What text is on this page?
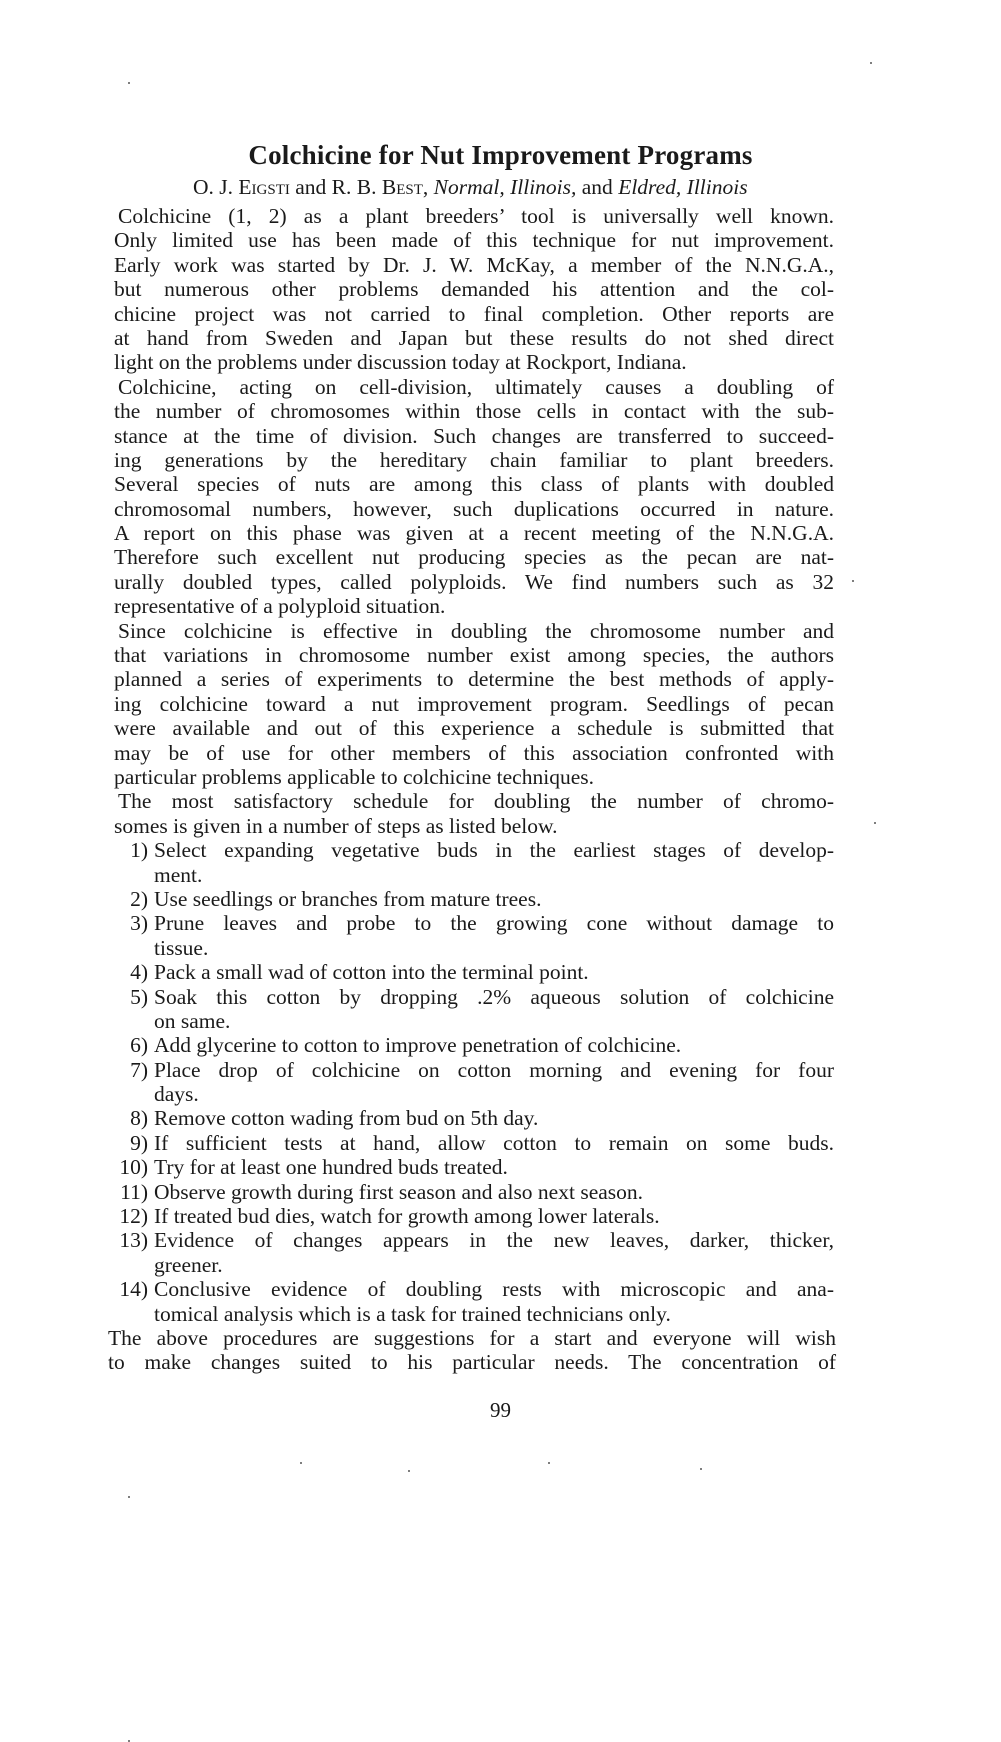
Colchicine for Nut Improvement Programs
O. J. Eigsti and R. B. Best, Normal, Illinois, and Eldred, Illinois
Colchicine (1, 2) as a plant breeders’ tool is universally well known.
Only limited use has been made of this technique for nut improvement.
Early work was started by Dr. J. W. McKay, a member of the N.N.G.A.,
but numerous other problems demanded his attention and the col-
chicine project was not carried to final completion. Other reports are
at hand from Sweden and Japan but these results do not shed direct
light on the problems under discussion today at Rockport, Indiana.
Colchicine, acting on cell-division, ultimately causes a doubling of
the number of chromosomes within those cells in contact with the sub-
stance at the time of division. Such changes are transferred to succeed-
ing generations by the hereditary chain familiar to plant breeders.
Several species of nuts are among this class of plants with doubled
chromosomal numbers, however, such duplications occurred in nature.
A report on this phase was given at a recent meeting of the N.N.G.A.
Therefore such excellent nut producing species as the pecan are nat-
urally doubled types, called polyploids. We find numbers such as 32
representative of a polyploid situation.
Since colchicine is effective in doubling the chromosome number and
that variations in chromosome number exist among species, the authors
planned a series of experiments to determine the best methods of apply-
ing colchicine toward a nut improvement program. Seedlings of pecan
were available and out of this experience a schedule is submitted that
may be of use for other members of this association confronted with
particular problems applicable to colchicine techniques.
The most satisfactory schedule for doubling the number of chromo-
somes is given in a number of steps as listed below.
1) Select expanding vegetative buds in the earliest stages of develop-
ment.
2) Use seedlings or branches from mature trees.
3) Prune leaves and probe to the growing cone without damage to
tissue.
4) Pack a small wad of cotton into the terminal point.
5) Soak this cotton by dropping .2% aqueous solution of colchicine
on same.
6) Add glycerine to cotton to improve penetration of colchicine.
7) Place drop of colchicine on cotton morning and evening for four
days.
8) Remove cotton wading from bud on 5th day.
9) If sufficient tests at hand, allow cotton to remain on some buds.
10) Try for at least one hundred buds treated.
11) Observe growth during first season and also next season.
12) If treated bud dies, watch for growth among lower laterals.
13) Evidence of changes appears in the new leaves, darker, thicker,
greener.
14) Conclusive evidence of doubling rests with microscopic and ana-
tomical analysis which is a task for trained technicians only.
The above procedures are suggestions for a start and everyone will wish
to make changes suited to his particular needs. The concentration of
99
